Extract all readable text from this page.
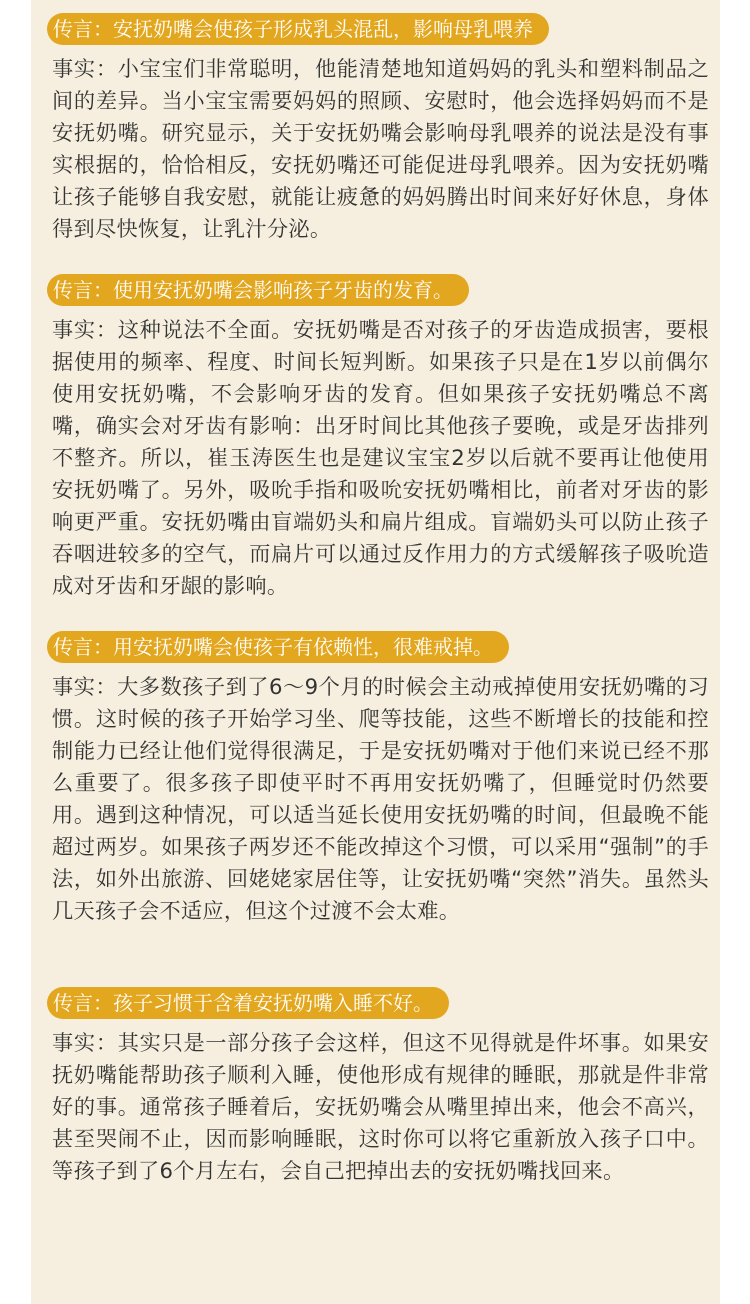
传言：安抚奶嘴会使孩子形成乳头混乱，影响母乳喂养
事实：小宝宝们非常聪明，他能清楚地知道妈妈的乳头和塑料制品之间的差异。当小宝宝需要妈妈的照顾、安慰时，他会选择妈妈而不是安抚奶嘴。研究显示，关于安抚奶嘴会影响母乳喂养的说法是没有事实根据的，恰恰相反，安抚奶嘴还可能促进母乳喂养。因为安抚奶嘴让孩子能够自我安慰，就能让疲惫的妈妈腾出时间来好好休息，身体得到尽快恢复，让乳汁分泌。
传言：使用安抚奶嘴会影响孩子牙齿的发育。
事实：这种说法不全面。安抚奶嘴是否对孩子的牙齿造成损害，要根据使用的频率、程度、时间长短判断。如果孩子只是在1岁以前偶尔使用安抚奶嘴，不会影响牙齿的发育。但如果孩子安抚奶嘴总不离嘴，确实会对牙齿有影响：出牙时间比其他孩子要晚，或是牙齿排列不整齐。所以，崔玉涛医生也是建议宝宝2岁以后就不要再让他使用安抚奶嘴了。另外，吸吮手指和吸吮安抚奶嘴相比，前者对牙齿的影响更严重。安抚奶嘴由盲端奶头和扁片组成。盲端奶头可以防止孩子吞咽进较多的空气，而扁片可以通过反作用力的方式缓解孩子吸吮造成对牙齿和牙龈的影响。
传言：用安抚奶嘴会使孩子有依赖性，很难戒掉。
事实：大多数孩子到了6～9个月的时候会主动戒掉使用安抚奶嘴的习惯。这时候的孩子开始学习坐、爬等技能，这些不断增长的技能和控制能力已经让他们觉得很满足，于是安抚奶嘴对于他们来说已经不那么重要了。很多孩子即使平时不再用安抚奶嘴了，但睡觉时仍然要用。遇到这种情况，可以适当延长使用安抚奶嘴的时间，但最晚不能超过两岁。如果孩子两岁还不能改掉这个习惯，可以采用“强制”的手法，如外出旅游、回姥姥家居住等，让安抚奶嘴“突然”消失。虽然头几天孩子会不适应，但这个过渡不会太难。
传言：孩子习惯于含着安抚奶嘴入睡不好。
事实：其实只是一部分孩子会这样，但这不见得就是件坏事。如果安抚奶嘴能帮助孩子顺利入睡，使他形成有规律的睡眠，那就是件非常好的事。通常孩子睡着后，安抚奶嘴会从嘴里掉出来，他会不高兴，甚至哭闹不止，因而影响睡眠，这时你可以将它重新放入孩子口中。等孩子到了6个月左右，会自己把掉出去的安抚奶嘴找回来。
